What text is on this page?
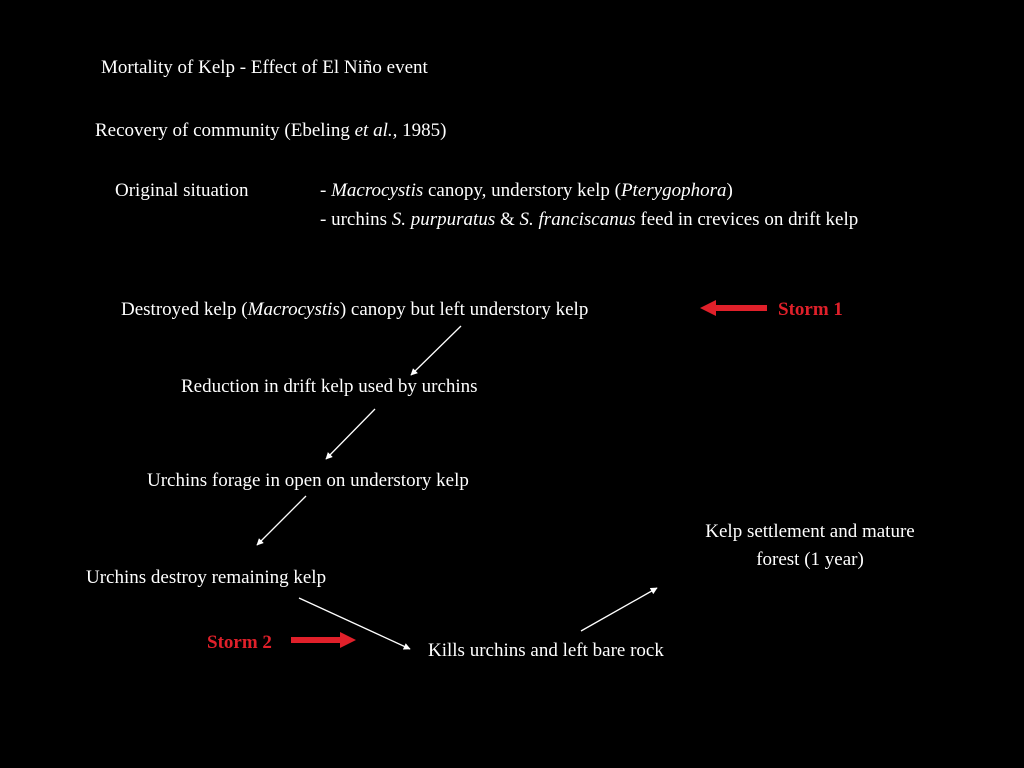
Mortality of Kelp - Effect of El Niño event
Recovery of community (Ebeling et al., 1985)
Original situation	- Macrocystis canopy, understory kelp (Pterygophora)
- urchins S. purpuratus & S. franciscanus feed in crevices on drift kelp
Destroyed kelp (Macrocystis) canopy but left understory kelp	Storm 1
Reduction in drift kelp used by urchins
Urchins forage in open on understory kelp
Kelp settlement and mature
forest (1 year)
Urchins destroy remaining kelp
Storm 2	Kills urchins and left bare rock
